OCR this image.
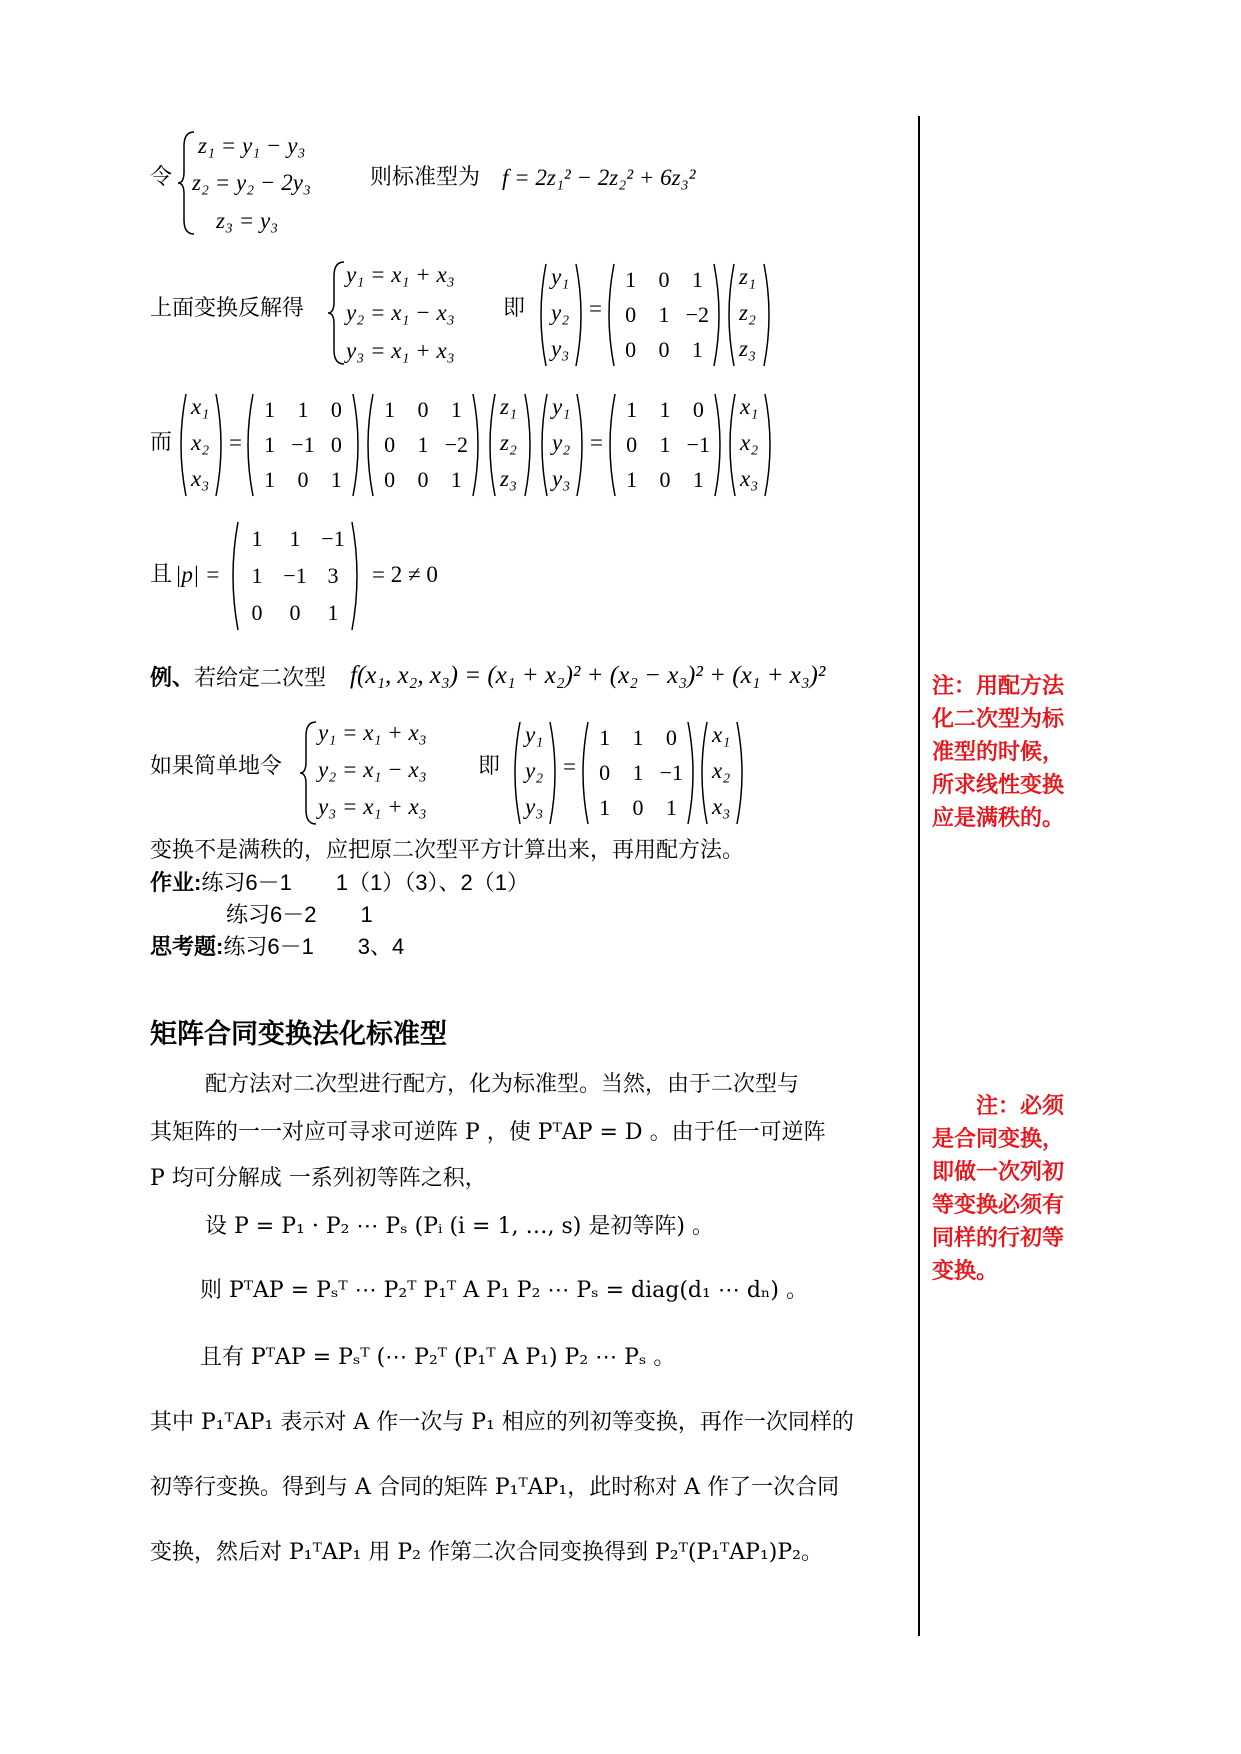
令
z₁ = y₁ − y₃
z₂ = y₂ − 2y₃
z₃ = y₃
则标准型为 f = 2z₁² − 2z₂² + 6z₃²
上面变换反解得
y₁ = x₁ + x₃
y₂ = x₁ − x₃
y₃ = x₁ + x₃
即
y₁
y₂
y₃
=
1	0	1
0	1 −2
0	0	1
z₁
z₂
z₃
而
x₁
x₂
x₃
=
1	1	0
1 −1 0
1	0	1
1	0	1
0	1 −2
0	0	1
z₁
z₂
z₃
y₁
y₂
y₃
=
1	1	0
0	1 −1
1	0	1
x₁
x₂
x₃
且 |p| =
1	1 −1
1 −1 3
0	0	1
= 2 ≠ 0
例、若给定二次型 f(x₁, x₂, x₃) = (x₁ + x₂)² + (x₂ − x₃)² + (x₁ + x₃)²
如果简单地令
y₁ = x₁ + x₃
y₂ = x₁ − x₃
y₃ = x₁ + x₃
即
y₁
y₂
y₃
=
1	1	0
0	1 −1
1	0	1
x₁
x₂
x₃
变换不是满秩的，应把原二次型平方计算出来，再用配方法。
作业:练习6－1　　1（1）（3）、2（1）
练习6－2　　1
思考题:练习6－1　　3、4
矩阵合同变换法化标准型
配方法对二次型进行配方，化为标准型。当然，由于二次型与
其矩阵的一一对应可寻求可逆阵 P ，使 PᵀAP = D 。由于任一可逆阵
P 均可分解成 一系列初等阵之积，
设 P = P₁ · P₂ ⋯ Pₛ (Pᵢ (i = 1, …, s) 是初等阵) 。
则 PᵀAP = Pₛᵀ ⋯ P₂ᵀ P₁ᵀ A P₁ P₂ ⋯ Pₛ = diag(d₁ ⋯ dₙ) 。
且有 PᵀAP = Pₛᵀ (⋯ P₂ᵀ (P₁ᵀ A P₁) P₂ ⋯ Pₛ 。
其中 P₁ᵀAP₁ 表示对 A 作一次与 P₁ 相应的列初等变换，再作一次同样的
初等行变换。得到与 A 合同的矩阵 P₁ᵀAP₁，此时称对 A 作了一次合同
变换，然后对 P₁ᵀAP₁ 用 P₂ 作第二次合同变换得到 P₂ᵀ(P₁ᵀAP₁)P₂。
注：用配方法
化二次型为标
准型的时候，
所求线性变换
应是满秩的。
　　注：必须
是合同变换，
即做一次列初
等变换必须有
同样的行初等
变换。
